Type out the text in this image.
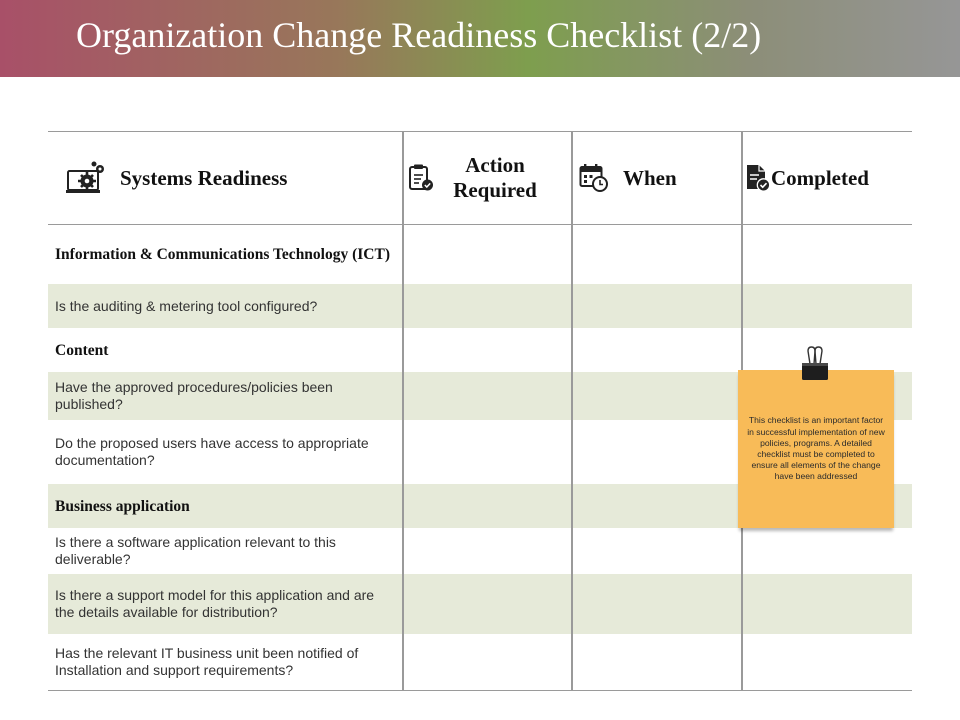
Organization Change Readiness Checklist (2/2)
Systems Readiness
Action Required
When	Completed
Information & Communications Technology (ICT)
Is the auditing & metering tool configured?
Content
Have the approved procedures/policies been published?
Do the proposed users have access to appropriate documentation?
Business application
Is there a software application relevant to this deliverable?
Is there a support model for this application and are the details available for distribution?
Has the relevant IT business unit been notified of Installation and support requirements?
This checklist is an important factor in successful implementation of new policies, programs. A detailed checklist must be completed to ensure all elements of the change have been addressed
